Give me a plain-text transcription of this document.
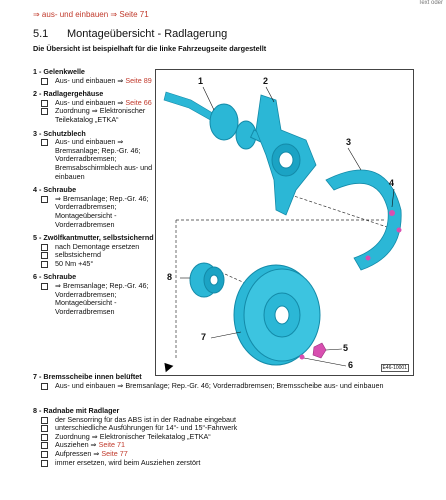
Text oder
⇒ aus- und einbauen ⇒ Seite 71
5.1 Montageübersicht - Radlagerung
Die Übersicht ist beispielhaft für die linke Fahrzeugseite dargestellt
1 - Gelenkwelle
Aus- und einbauen ⇒ Seite 89
2 - Radlagergehäuse
Aus- und einbauen ⇒ Seite 66
Zuordnung ⇒ Elektronischer Teilekatalog „ETKA“
3 - Schutzblech
Aus- und einbauen ⇒ Bremsanlage; Rep.-Gr. 46; Vorderradbremsen; Bremsabschirmblech aus- und einbauen
4 - Schraube
⇒ Bremsanlage; Rep.-Gr. 46; Vorderradbremsen; Montageübersicht - Vorderradbremsen
5 - Zwölfkantmutter, selbstsichernd
nach Demontage ersetzen
selbstsichernd
50 Nm +45°
6 - Schraube
⇒ Bremsanlage; Rep.-Gr. 46; Vorderradbremsen; Montageübersicht - Vorderradbremsen
7 - Bremsscheibe innen belüftet
Aus- und einbauen ⇒ Bremsanlage; Rep.-Gr. 46; Vorderradbremsen; Bremsscheibe aus- und einbauen
8 - Radnabe mit Radlager
der Sensorring für das ABS ist in der Radnabe eingebaut
unterschiedliche Ausführungen für 14“- und 15“-Fahrwerk
Zuordnung ⇒ Elektronischer Teilekatalog „ETKA“
Ausziehen ⇒ Seite 71
Aufpressen ⇒ Seite 77
immer ersetzen, wird beim Ausziehen zerstört
1	2
3
4
5
6
7
8
E46-10001
